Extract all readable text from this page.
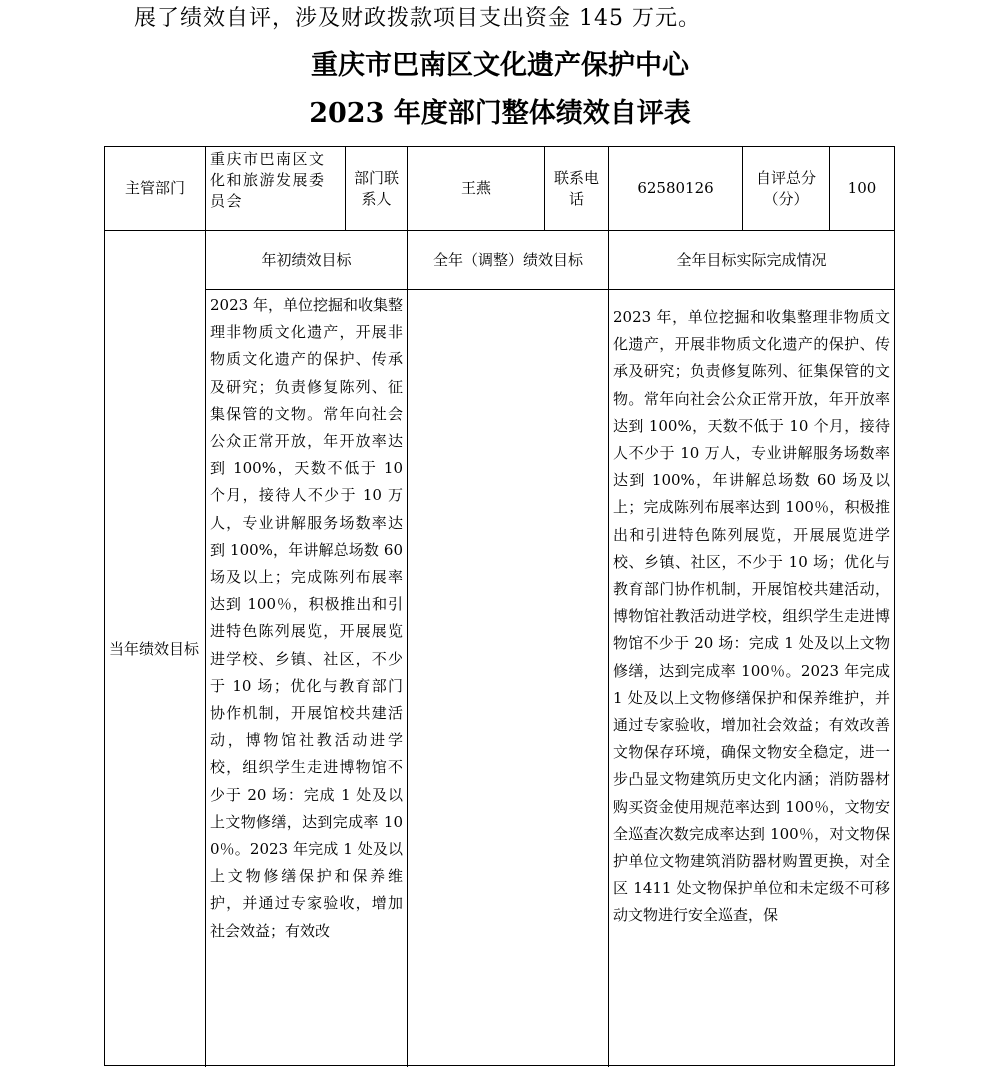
展了绩效自评，涉及财政拨款项目支出资金 145 万元。
重庆市巴南区文化遗产保护中心
2023 年度部门整体绩效自评表
主管部门
重庆市巴南区文化和旅游发展委员会
部门联系人
王燕
联系电话
62580126
自评总分（分）
100
当年绩效目标
年初绩效目标	全年（调整）绩效目标	全年目标实际完成情况
2023 年，单位挖掘和收集整理非物质文化遗产，开展非物质文化遗产的保护、传承及研究；负责修复陈列、征集保管的文物。常年向社会公众正常开放，年开放率达到 100%，天数不低于 10 个月，接待人不少于 10 万人，专业讲解服务场数率达到 100%，年讲解总场数 60 场及以上；完成陈列布展率达到 100％，积极推出和引进特色陈列展览，开展展览进学校、乡镇、社区，不少于 10 场；优化与教育部门协作机制，开展馆校共建活动，博物馆社教活动进学校，组织学生走进博物馆不少于 20 场：完成 1 处及以上文物修缮，达到完成率 100％。2023 年完成 1 处及以上文物修缮保护和保养维护，并通过专家验收，增加社会效益；有效改
2023 年，单位挖掘和收集整理非物质文化遗产，开展非物质文化遗产的保护、传承及研究；负责修复陈列、征集保管的文物。常年向社会公众正常开放，年开放率达到 100%，天数不低于 10 个月，接待人不少于 10 万人，专业讲解服务场数率达到 100%，年讲解总场数 60 场及以上；完成陈列布展率达到 100％，积极推出和引进特色陈列展览，开展展览进学校、乡镇、社区，不少于 10 场；优化与教育部门协作机制，开展馆校共建活动，博物馆社教活动进学校，组织学生走进博物馆不少于 20 场：完成 1 处及以上文物修缮，达到完成率 100％。2023 年完成 1 处及以上文物修缮保护和保养维护，并通过专家验收，增加社会效益；有效改善文物保存环境，确保文物安全稳定，进一步凸显文物建筑历史文化内涵；消防器材购买资金使用规范率达到 100％，文物安全巡查次数完成率达到 100％，对文物保护单位文物建筑消防器材购置更换，对全区 1411 处文物保护单位和未定级不可移动文物进行安全巡查，保
